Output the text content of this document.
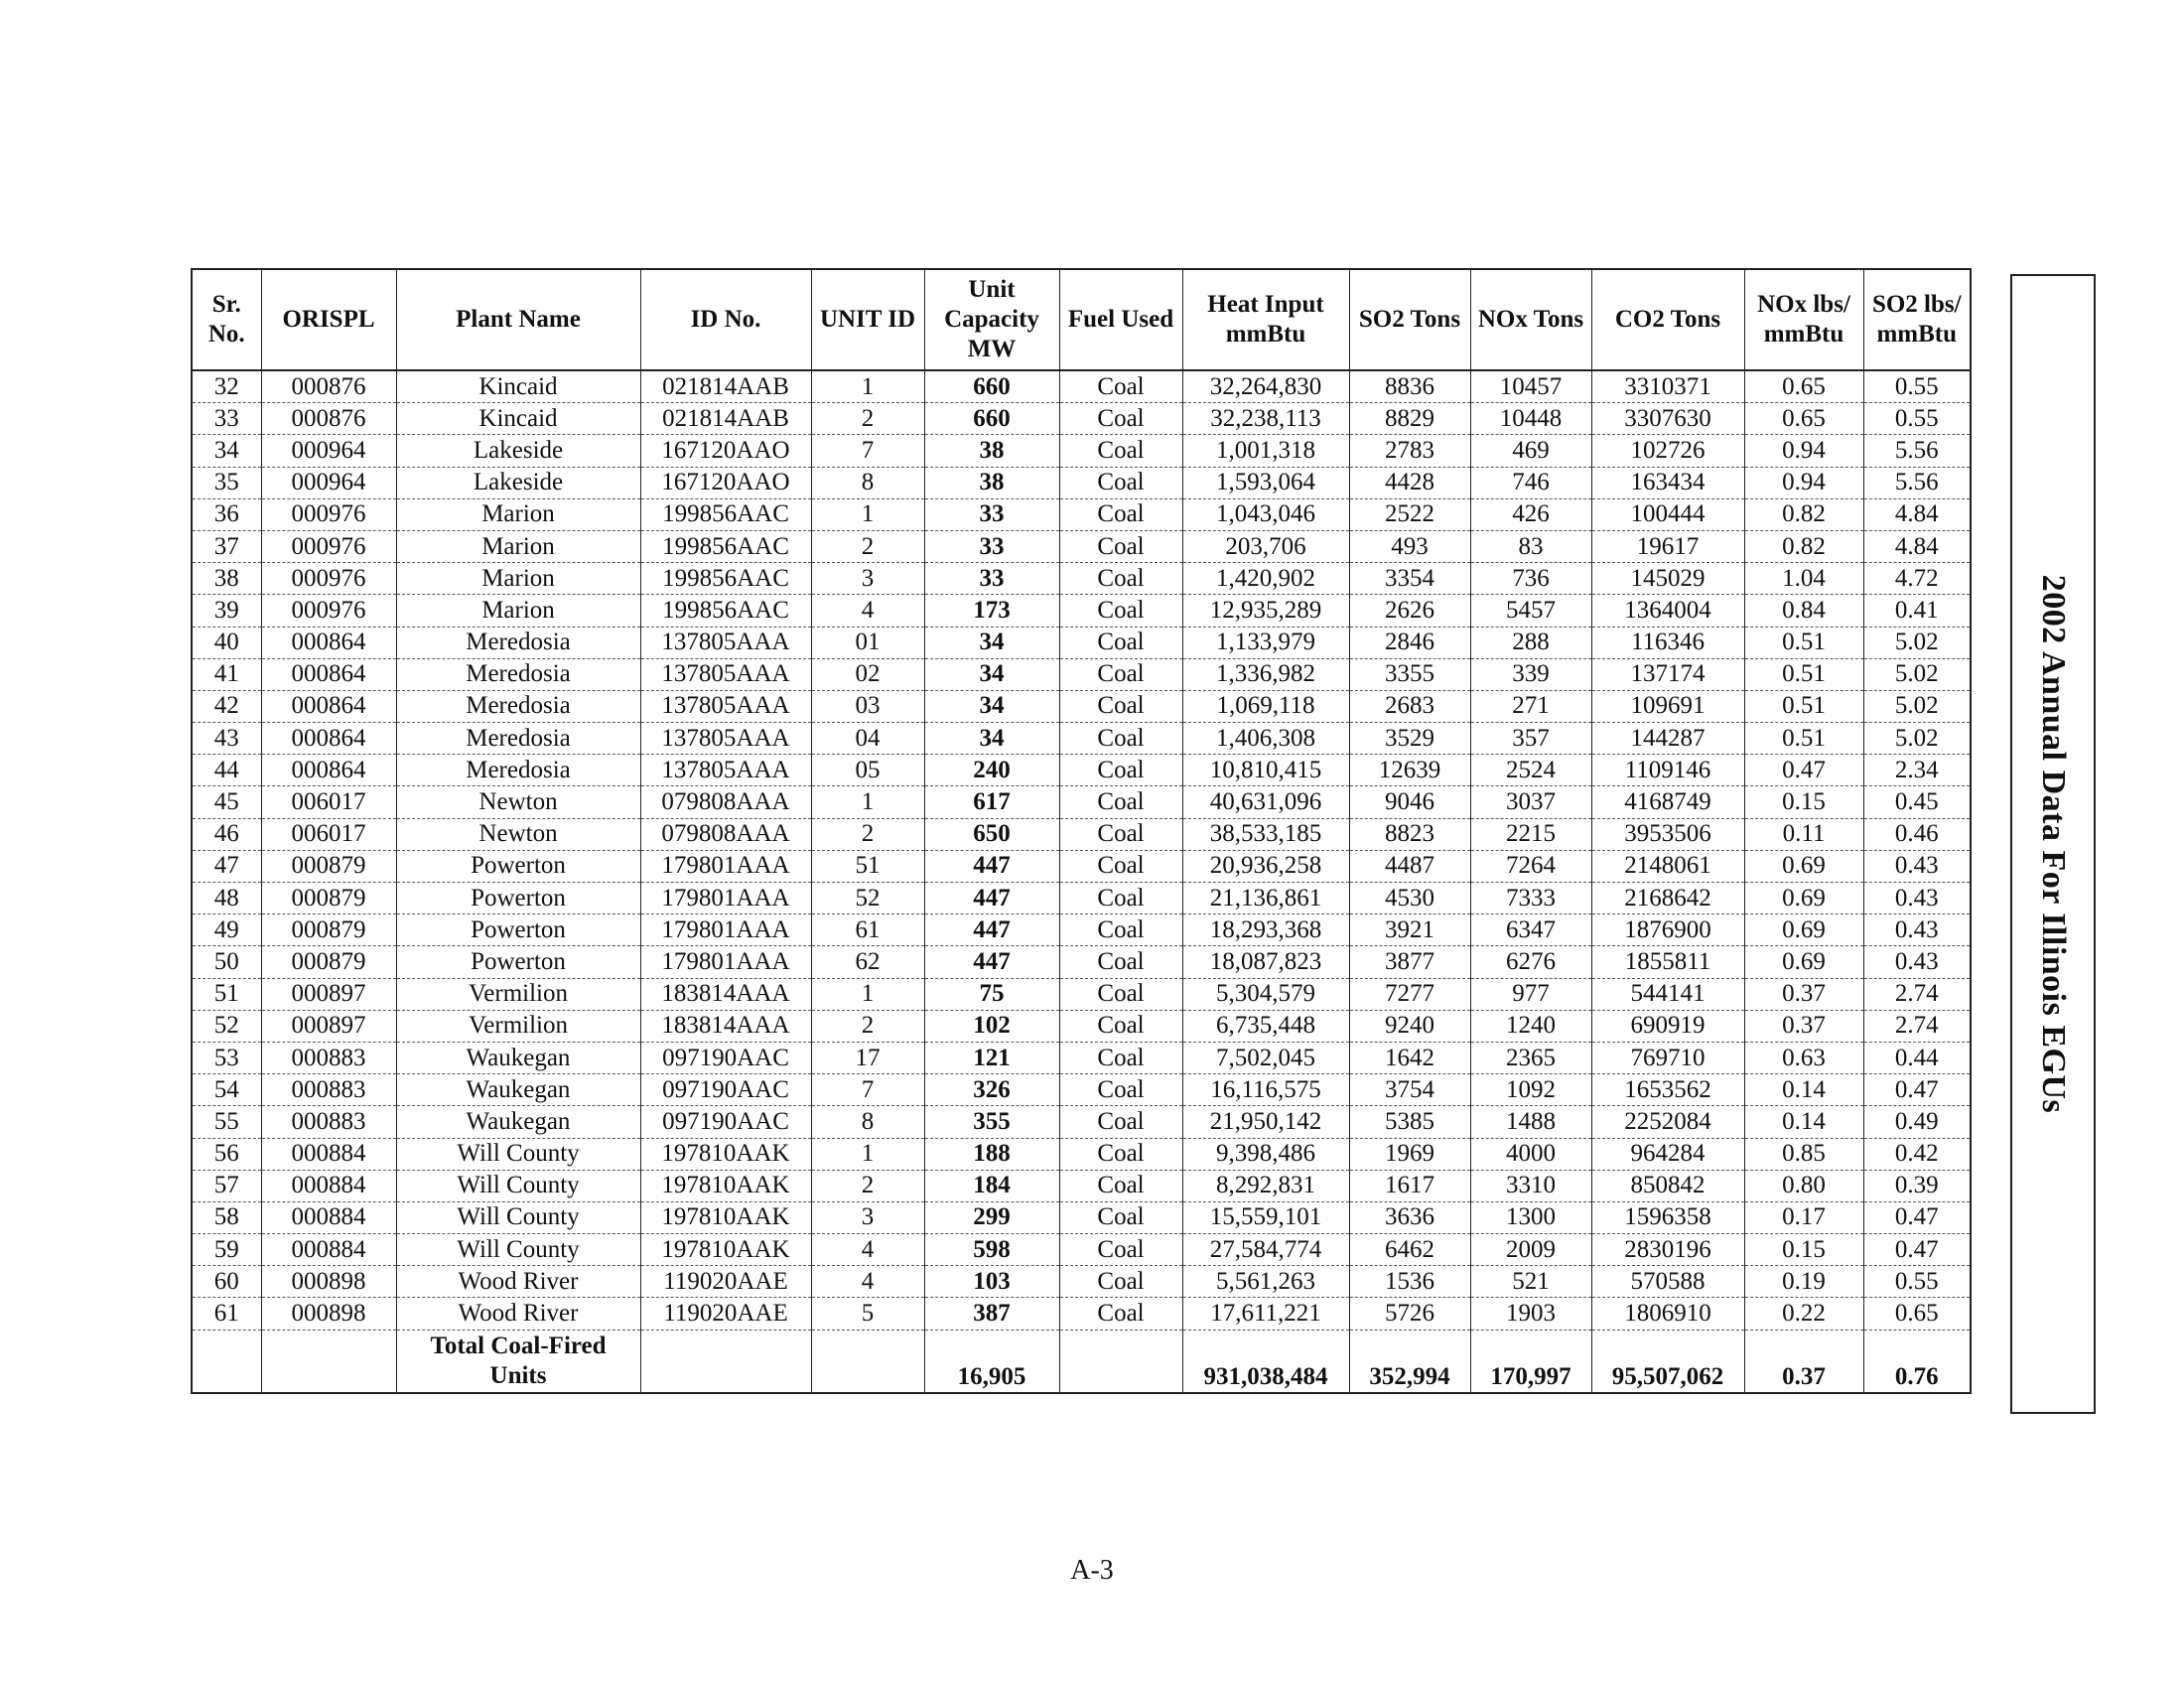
Sr. No.	ORISPL	Plant Name	ID No.	UNIT ID	Unit Capacity MW	Fuel Used	Heat Input mmBtu	SO2 Tons	NOx Tons	CO2 Tons	NOx lbs/ mmBtu	SO2 lbs/ mmBtu
32	000876	Kincaid	021814AAB	1	660	Coal	32,264,830	8836	10457	3310371	0.65	0.55
33	000876	Kincaid	021814AAB	2	660	Coal	32,238,113	8829	10448	3307630	0.65	0.55
34	000964	Lakeside	167120AAO	7	38	Coal	1,001,318	2783	469	102726	0.94	5.56
35	000964	Lakeside	167120AAO	8	38	Coal	1,593,064	4428	746	163434	0.94	5.56
36	000976	Marion	199856AAC	1	33	Coal	1,043,046	2522	426	100444	0.82	4.84
37	000976	Marion	199856AAC	2	33	Coal	203,706	493	83	19617	0.82	4.84
38	000976	Marion	199856AAC	3	33	Coal	1,420,902	3354	736	145029	1.04	4.72
39	000976	Marion	199856AAC	4	173	Coal	12,935,289	2626	5457	1364004	0.84	0.41
40	000864	Meredosia	137805AAA	01	34	Coal	1,133,979	2846	288	116346	0.51	5.02
41	000864	Meredosia	137805AAA	02	34	Coal	1,336,982	3355	339	137174	0.51	5.02
42	000864	Meredosia	137805AAA	03	34	Coal	1,069,118	2683	271	109691	0.51	5.02
43	000864	Meredosia	137805AAA	04	34	Coal	1,406,308	3529	357	144287	0.51	5.02
44	000864	Meredosia	137805AAA	05	240	Coal	10,810,415	12639	2524	1109146	0.47	2.34
45	006017	Newton	079808AAA	1	617	Coal	40,631,096	9046	3037	4168749	0.15	0.45
46	006017	Newton	079808AAA	2	650	Coal	38,533,185	8823	2215	3953506	0.11	0.46
47	000879	Powerton	179801AAA	51	447	Coal	20,936,258	4487	7264	2148061	0.69	0.43
48	000879	Powerton	179801AAA	52	447	Coal	21,136,861	4530	7333	2168642	0.69	0.43
49	000879	Powerton	179801AAA	61	447	Coal	18,293,368	3921	6347	1876900	0.69	0.43
50	000879	Powerton	179801AAA	62	447	Coal	18,087,823	3877	6276	1855811	0.69	0.43
51	000897	Vermilion	183814AAA	1	75	Coal	5,304,579	7277	977	544141	0.37	2.74
52	000897	Vermilion	183814AAA	2	102	Coal	6,735,448	9240	1240	690919	0.37	2.74
53	000883	Waukegan	097190AAC	17	121	Coal	7,502,045	1642	2365	769710	0.63	0.44
54	000883	Waukegan	097190AAC	7	326	Coal	16,116,575	3754	1092	1653562	0.14	0.47
55	000883	Waukegan	097190AAC	8	355	Coal	21,950,142	5385	1488	2252084	0.14	0.49
56	000884	Will County	197810AAK	1	188	Coal	9,398,486	1969	4000	964284	0.85	0.42
57	000884	Will County	197810AAK	2	184	Coal	8,292,831	1617	3310	850842	0.80	0.39
58	000884	Will County	197810AAK	3	299	Coal	15,559,101	3636	1300	1596358	0.17	0.47
59	000884	Will County	197810AAK	4	598	Coal	27,584,774	6462	2009	2830196	0.15	0.47
60	000898	Wood River	119020AAE	4	103	Coal	5,561,263	1536	521	570588	0.19	0.55
61	000898	Wood River	119020AAE	5	387	Coal	17,611,221	5726	1903	1806910	0.22	0.65
		Total Coal-Fired Units			16,905		931,038,484	352,994	170,997	95,507,062	0.37	0.76
2002 Annual Data For Illinois EGUs
A-3
